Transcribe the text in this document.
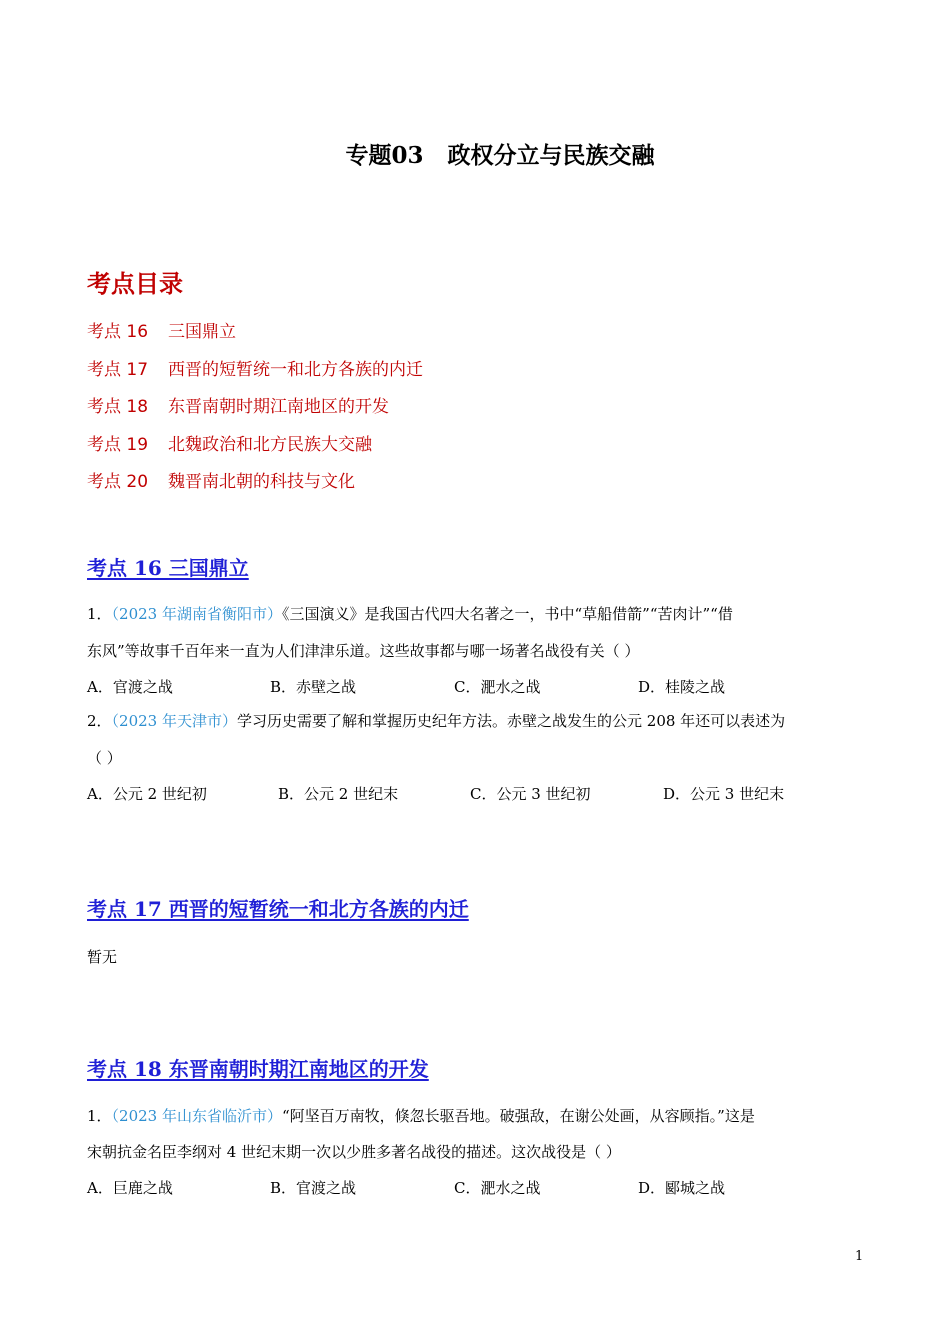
专题03   政权分立与民族交融
考点目录
考点 16 三国鼎立
考点 17 西晋的短暂统一和北方各族的内迁
考点 18 东晋南朝时期江南地区的开发
考点 19 北魏政治和北方民族大交融
考点 20 魏晋南北朝的科技与文化
考点 16 三国鼎立
1．（2023 年湖南省衡阳市）《三国演义》是我国古代四大名著之一，书中“草船借箭”“苦肉计”“借
东风”等故事千百年来一直为人们津津乐道。这些故事都与哪一场著名战役有关（ ）
A．官渡之战	B．赤壁之战	C．淝水之战	D．桂陵之战
2．（2023 年天津市）学习历史需要了解和掌握历史纪年方法。赤壁之战发生的公元 208 年还可以表述为
（ ）
A．公元 2 世纪初	B．公元 2 世纪末	C．公元 3 世纪初	D．公元 3 世纪末
考点 17 西晋的短暂统一和北方各族的内迁
暂无
考点 18 东晋南朝时期江南地区的开发
1．（2023 年山东省临沂市）“阿坚百万南牧，倏忽长驱吾地。破强敌，在谢公处画，从容顾指。”这是
宋朝抗金名臣李纲对 4 世纪末期一次以少胜多著名战役的描述。这次战役是（ ）
A．巨鹿之战	B．官渡之战	C．淝水之战	D．郾城之战
1
